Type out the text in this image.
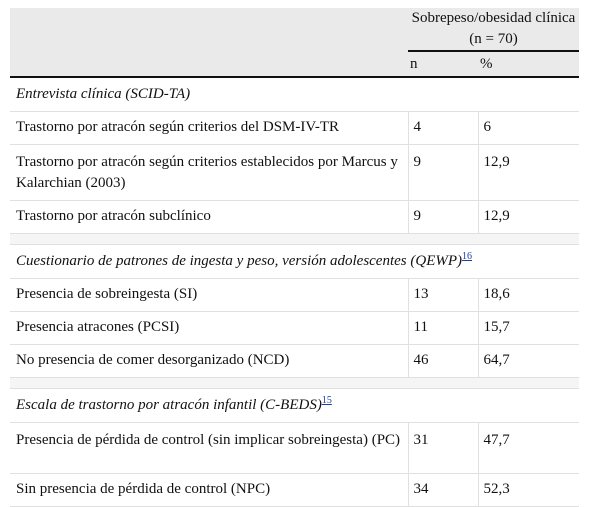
	Sobrepeso/obesidad clínica (n = 70)	
	n	%
Entrevista clínica (SCID-TA)		
Trastorno por atracón según criterios del DSM-IV-TR	4	6
Trastorno por atracón según criterios establecidos por Marcus y Kalarchian (2003)	9	12,9
Trastorno por atracón subclínico	9	12,9

Cuestionario de patrones de ingesta y peso, versión adolescentes (QEWP)$^{16}$
Presencia de sobreingesta (SI)	13	18,6
Presencia atracones (PCSI)	11	15,7
No presencia de comer desorganizado (NCD)	46	64,7

Escala de trastorno por atracón infantil (C-BEDS)$^{15}$
Presencia de pérdida de control (sin implicar sobreingesta) (PC)	31	47,7
Sin presencia de pérdida de control (NPC)	34	52,3
